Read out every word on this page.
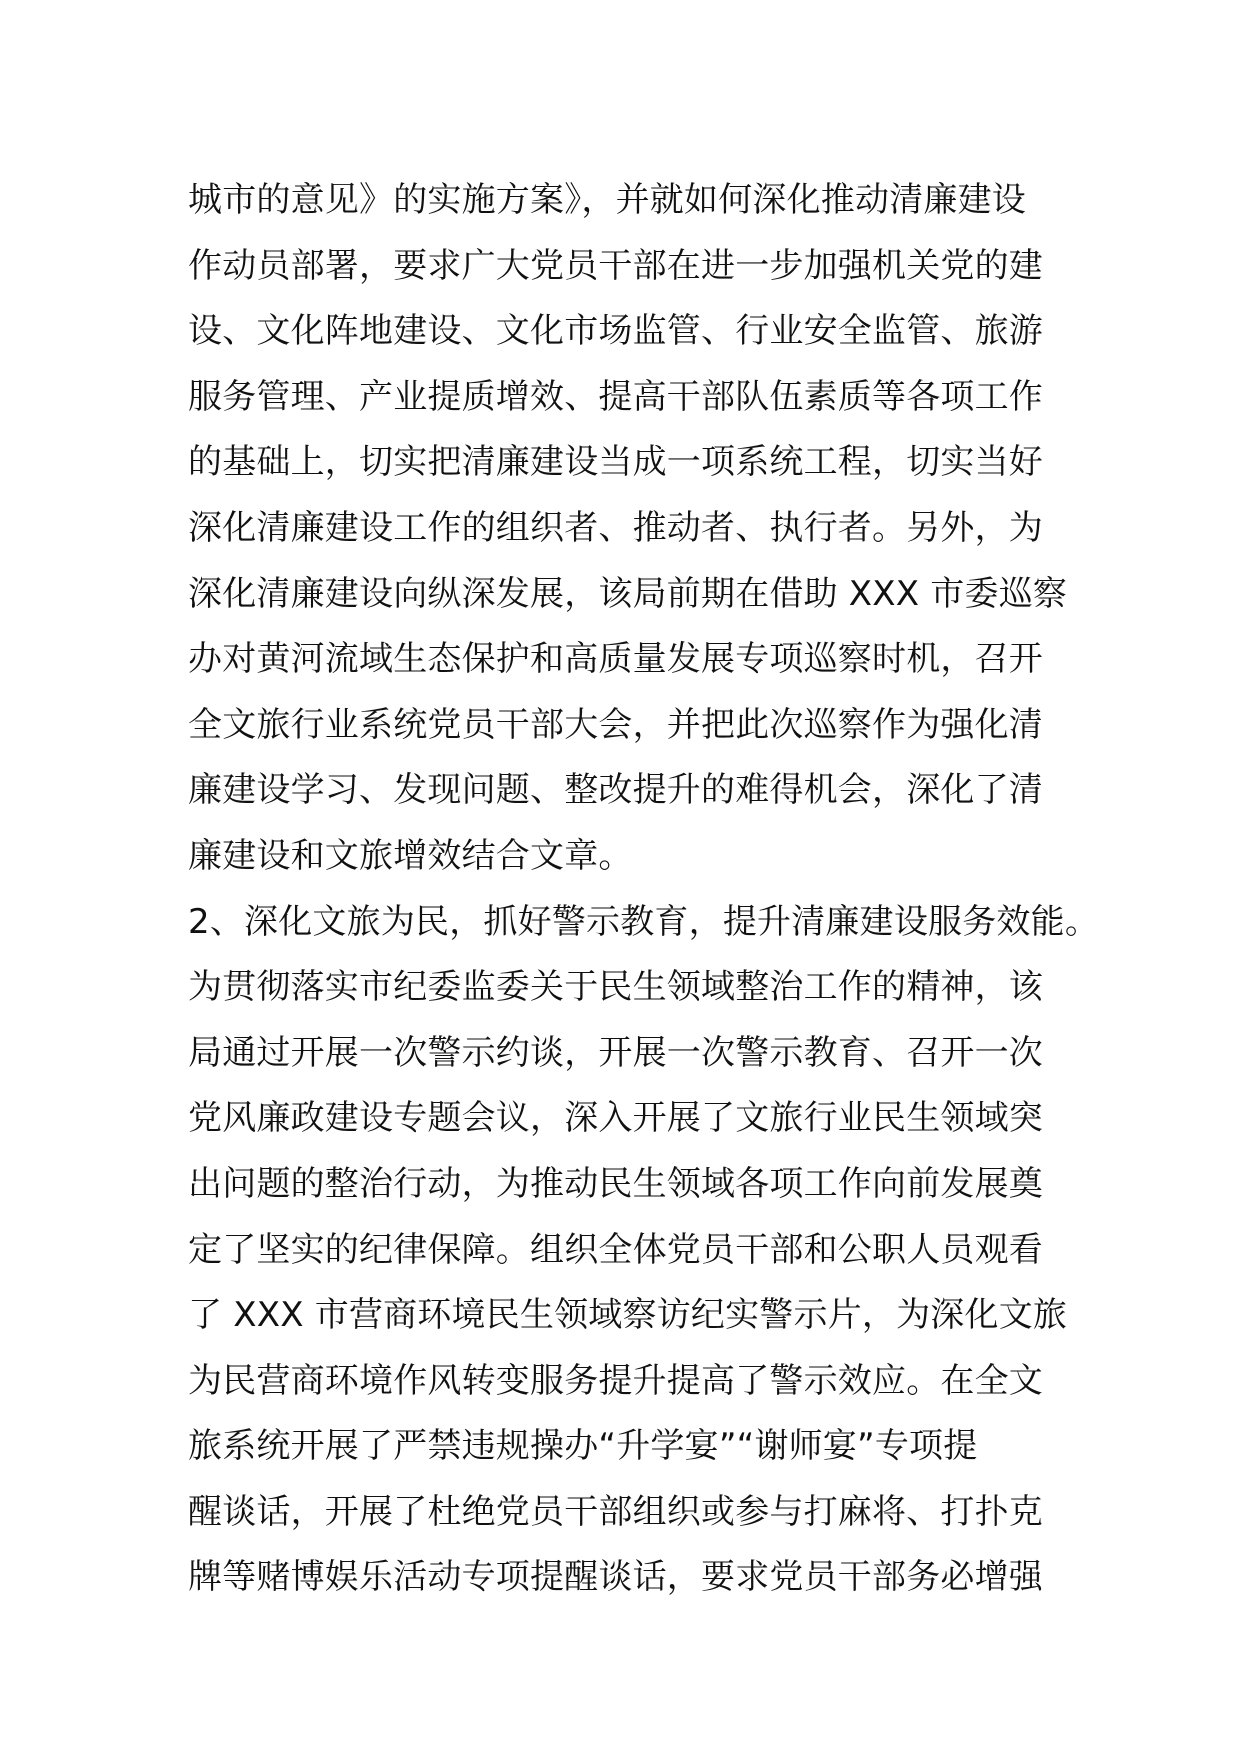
城市的意见》的实施方案》，并就如何深化推动清廉建设
作动员部署，要求广大党员干部在进一步加强机关党的建
设、文化阵地建设、文化市场监管、行业安全监管、旅游
服务管理、产业提质增效、提高干部队伍素质等各项工作
的基础上，切实把清廉建设当成一项系统工程，切实当好
深化清廉建设工作的组织者、推动者、执行者。另外，为
深化清廉建设向纵深发展，该局前期在借助 XXX 市委巡察
办对黄河流域生态保护和高质量发展专项巡察时机，召开
全文旅行业系统党员干部大会，并把此次巡察作为强化清
廉建设学习、发现问题、整改提升的难得机会，深化了清
廉建设和文旅增效结合文章。
2、深化文旅为民，抓好警示教育，提升清廉建设服务效能。
为贯彻落实市纪委监委关于民生领域整治工作的精神，该
局通过开展一次警示约谈，开展一次警示教育、召开一次
党风廉政建设专题会议，深入开展了文旅行业民生领域突
出问题的整治行动，为推动民生领域各项工作向前发展奠
定了坚实的纪律保障。组织全体党员干部和公职人员观看
了 XXX 市营商环境民生领域察访纪实警示片，为深化文旅
为民营商环境作风转变服务提升提高了警示效应。在全文
旅系统开展了严禁违规操办“升学宴”“谢师宴”专项提
醒谈话，开展了杜绝党员干部组织或参与打麻将、打扑克
牌等赌博娱乐活动专项提醒谈话，要求党员干部务必增强
